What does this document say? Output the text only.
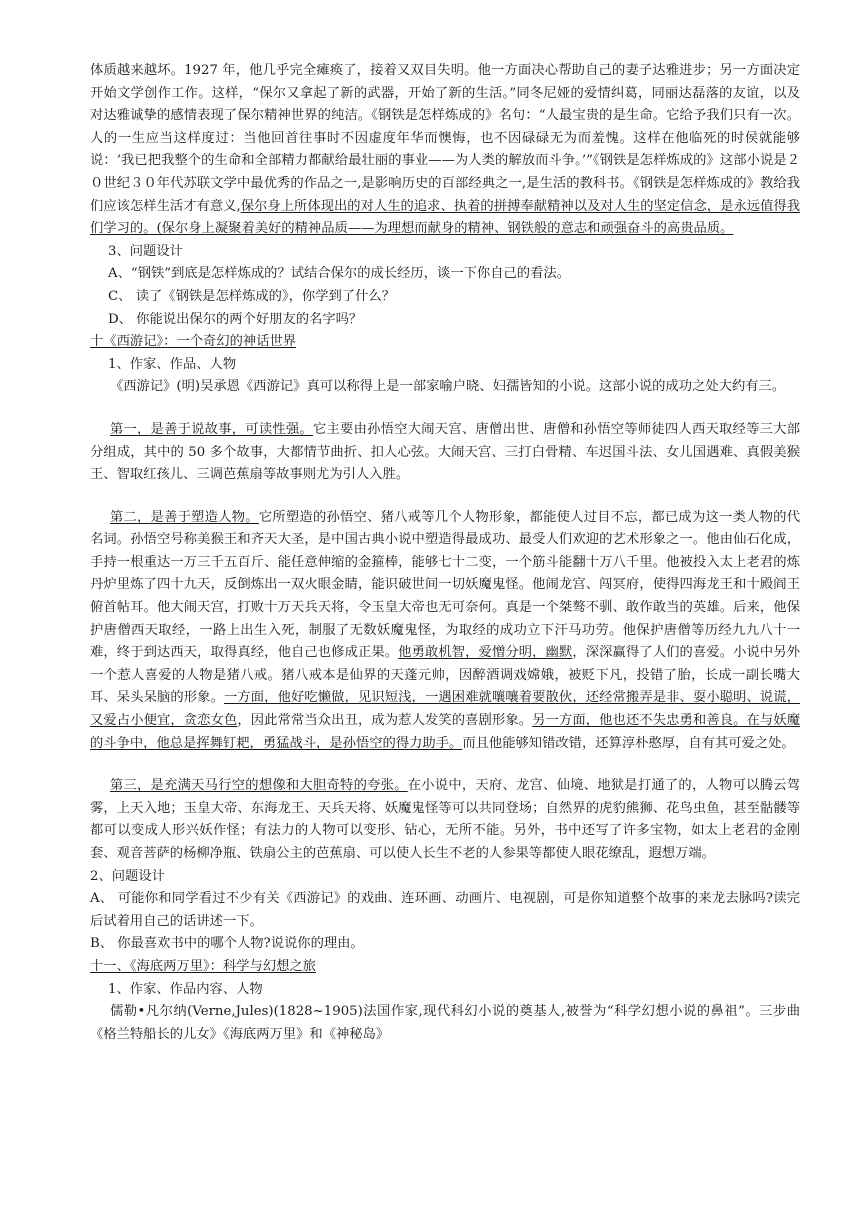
体质越来越坏。1927 年，他几乎完全瘫痪了，接着又双目失明。他一方面决心帮助自己的妻子达雅进步；另一方面决定开始文学创作工作。这样，“保尔又拿起了新的武器，开始了新的生活。”同冬尼娅的爱情纠葛，同丽达磊落的友谊，以及对达雅诚挚的感情表现了保尔精神世界的纯洁。《钢铁是怎样炼成的》名句：“人最宝贵的是生命。它给予我们只有一次。人的一生应当这样度过：当他回首往事时不因虚度年华而懊悔，也不因碌碌无为而羞愧。这样在他临死的时侯就能够说：‘我已把我整个的生命和全部精力都献给最壮丽的事业——为人类的解放而斗争。’”《钢铁是怎样炼成的》这部小说是２０世纪３０年代苏联文学中最优秀的作品之一,是影响历史的百部经典之一,是生活的教科书。《钢铁是怎样炼成的》教给我们应该怎样生活才有意义,保尔身上所体现出的对人生的追求、执着的拼搏奉献精神以及对人生的坚定信念，是永远值得我们学习的。(保尔身上凝聚着美好的精神品质——为理想而献身的精神、钢铁般的意志和顽强奋斗的高贵品质。

3、问题设计

A、“钢铁”到底是怎样炼成的？试结合保尔的成长经历，谈一下你自己的看法。

C、 读了《钢铁是怎样炼成的》，你学到了什么？

D、 你能说出保尔的两个好朋友的名字吗？

十《西游记》：一个奇幻的神话世界

1、作家、作品、人物

《西游记》(明)吴承恩《西游记》真可以称得上是一部家喻户晓、妇孺皆知的小说。这部小说的成功之处大约有三。

第一，是善于说故事，可读性强。它主要由孙悟空大闹天宫、唐僧出世、唐僧和孙悟空等师徒四人西天取经等三大部分组成，其中的 50 多个故事，大都情节曲折、扣人心弦。大闹天宫、三打白骨精、车迟国斗法、女儿国遇难、真假美猴王、智取红孩儿、三调芭蕉扇等故事则尤为引人入胜。

第二，是善于塑造人物。它所塑造的孙悟空、猪八戒等几个人物形象，都能使人过目不忘，都已成为这一类人物的代名词。孙悟空号称美猴王和齐天大圣，是中国古典小说中塑造得最成功、最受人们欢迎的艺术形象之一。他由仙石化成，手持一根重达一万三千五百斤、能任意伸缩的金箍棒，能够七十二变，一个筋斗能翻十万八千里。他被投入太上老君的炼丹炉里炼了四十九天，反倒炼出一双火眼金睛，能识破世间一切妖魔鬼怪。他闹龙宫、闯冥府，使得四海龙王和十殿阎王俯首帖耳。他大闹天宫，打败十万天兵天将，令玉皇大帝也无可奈何。真是一个桀骜不驯、敢作敢当的英雄。后来，他保护唐僧西天取经，一路上出生入死，制服了无数妖魔鬼怪，为取经的成功立下汗马功劳。他保护唐僧等历经九九八十一难，终于到达西天，取得真经，他自己也修成正果。他勇敢机智，爱憎分明，幽默，深深赢得了人们的喜爱。小说中另外一个惹人喜爱的人物是猪八戒。猪八戒本是仙界的天蓬元帅，因醉酒调戏嫦娥，被贬下凡，投错了胎，长成一副长嘴大耳、呆头呆脑的形象。一方面，他好吃懒做，见识短浅，一遇困难就嚷嚷着要散伙，还经常搬弄是非、耍小聪明、说谎，又爱占小便宜，贪恋女色，因此常常当众出丑，成为惹人发笑的喜剧形象。另一方面，他也还不失忠勇和善良。在与妖魔的斗争中，他总是挥舞钉耙，勇猛战斗，是孙悟空的得力助手。而且他能够知错改错，还算淳朴憨厚，自有其可爱之处。

第三，是充满天马行空的想像和大胆奇特的夸张。在小说中，天府、龙宫、仙境、地狱是打通了的，人物可以腾云驾雾，上天入地；玉皇大帝、东海龙王、天兵天将、妖魔鬼怪等可以共同登场；自然界的虎豹熊狮、花鸟虫鱼，甚至骷髅等都可以变成人形兴妖作怪；有法力的人物可以变形、钻心，无所不能。另外，书中还写了许多宝物，如太上老君的金刚套、观音菩萨的杨柳净瓶、铁扇公主的芭蕉扇、可以使人长生不老的人参果等都使人眼花缭乱，遐想万端。

2、问题设计

A、 可能你和同学看过不少有关《西游记》的戏曲、连环画、动画片、电视剧，可是你知道整个故事的来龙去脉吗?读完后试着用自己的话讲述一下。

B、 你最喜欢书中的哪个人物?说说你的理由。

十一、《海底两万里》：科学与幻想之旅

1、作家、作品内容、人物

儒勒•凡尔纳(Verne,Jules)(1828~1905)法国作家,现代科幻小说的奠基人,被誉为“科学幻想小说的鼻祖”。三步曲《格兰特船长的儿女》《海底两万里》和《神秘岛》
